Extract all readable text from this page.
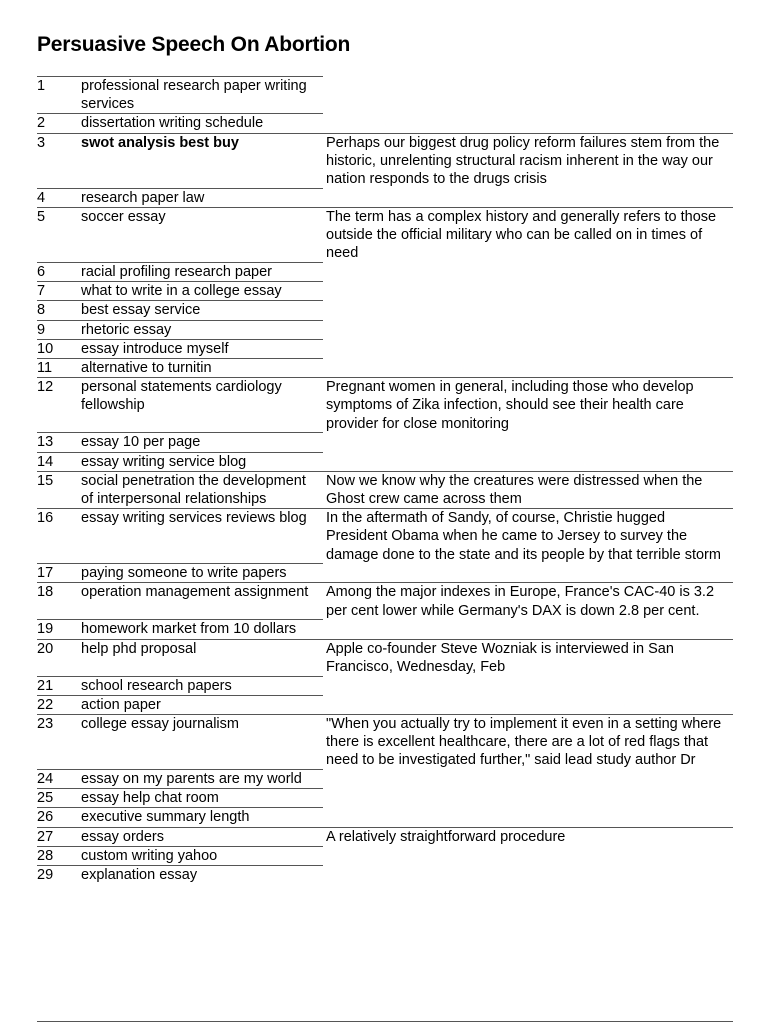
Persuasive Speech On Abortion
1	professional research paper writing services	
2	dissertation writing schedule	
3	swot analysis best buy	Perhaps our biggest drug policy reform failures stem from the historic, unrelenting structural racism inherent in the way our nation responds to the drugs crisis
4	research paper law	
5	soccer essay	The term has a complex history and generally refers to those outside the official military who can be called on in times of need
6	racial profiling research paper	
7	what to write in a college essay	
8	best essay service	
9	rhetoric essay	
10	essay introduce myself	
11	alternative to turnitin	
12	personal statements cardiology fellowship	Pregnant women in general, including those who develop symptoms of Zika infection, should see their health care provider for close monitoring
13	essay 10 per page	
14	essay writing service blog	
15	social penetration the development of interpersonal relationships	Now we know why the creatures were distressed when the Ghost crew came across them
16	essay writing services reviews blog	In the aftermath of Sandy, of course, Christie hugged President Obama when he came to Jersey to survey the damage done to the state and its people by that terrible storm
17	paying someone to write papers	
18	operation management assignment	Among the major indexes in Europe, France's CAC-40 is 3.2 per cent lower while Germany's DAX is down 2.8 per cent.
19	homework market from 10 dollars	
20	help phd proposal	Apple co-founder Steve Wozniak is interviewed in San Francisco, Wednesday, Feb
21	school research papers	
22	action paper	
23	college essay journalism	"When you actually try to implement it even in a setting where there is excellent healthcare, there are a lot of red flags that need to be investigated further," said lead study author Dr
24	essay on my parents are my world	
25	essay help chat room	
26	executive summary length	
27	essay orders	A relatively straightforward procedure
28	custom writing yahoo	
29	explanation essay	
